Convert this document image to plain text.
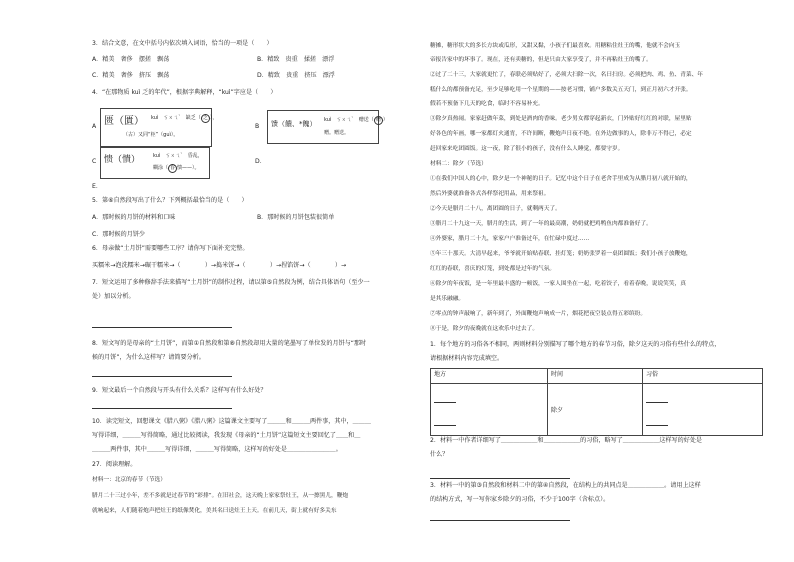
3．结合文意，在文中括号内依次填入词语，恰当的一项是（　　）
A．精美　奢侈　摆搓　飘荡	B．精致　贵重　揉搓　漂浮
C．精美　奢侈　挤压　飘荡	D．精致　贵重　挤压　漂浮
4．“在那物质 kuì 乏的年代”，根据字典解释，“kuì”字应是（　　）
A 匮（匱） kuì　ㄎㄨㄟˋ　缺乏（ 乏 ），
（古）又同“柜”（guì）。
B 馈（饋、*餽） kuì　ㄎㄨㄟˋ　赠送（ 赠 ）
赠。赠送。
C 愦（憒）	kuì　ㄎㄨㄟˋ　昏乱，
糊涂（ 昏 愦——）。
D．
E．
5．第⑥自然段写出了什么？下列概括最恰当的是（　　）
A．那时候的月饼的材料和口味	B．那时候的月饼包装很简单
C．那时候的月饼少
6．母亲做“土月饼”需要哪些工序？请你写下面补充完整。
买糯米→泡洗糯米→碾干糯米→（　　　　）→捣米饼→（　　　　）→捏馅饼→（　　　　）→
7．短文运用了多种修辞手法来描写“土月饼”的制作过程，请以第⑤自然段为例，结合具体语句（至少一
处）加以分析。
8．短文写的是母亲的“土月饼”，而第①自然段和第⑧自然段却用大量的笔墨写了单位发的月饼与“那时
候的月饼”，为什么这样写？请简要分析。
9．短文最后一个自然段与开头有什么关系？这样写有什么好处？
10．读完短文，回想课文《腊八粥》《腊八粥》这篇课文主要写了＿＿＿和＿＿＿两件事，其中，＿＿＿
写得详细，＿＿＿写得简略，通过比较阅读，我发现《母亲的“土月饼”这篇短文主要回忆了＿＿和＿
＿＿＿两件事，其中＿＿＿写得详细，＿＿＿写得简略，这样写的好处是＿＿＿＿＿＿＿＿。
27．阅读理解。
材料一：北京的春节（节选）
腊月二十三过小年，差不多就是过春节的“彩排”。在旧社会，这天晚上家家祭灶王，从一擦黑儿，鞭炮
就响起来，人们随着炮声把灶王的纸像焚化，美其名曰送灶王上天。在前几天，街上就有好多关东
糖摊，糖形状大的多长方块或瓜形，又甜又黏，小孩子们最喜欢。用糖粘住灶王的嘴，他就不会向玉
帝报告家中的坏事了。现在，还有卖糖的，但是只由大家享受了，并不再粘灶王的嘴了。
②过了二十三，大家就更忙了，春联必须贴好了，必须大扫除一次，名曰扫房。必须把肉、鸡、鱼、青菜、年
糕什么的都预备充足，至少足够吃用一个星期的——按老习惯，铺户多数关五天门，到正月初六才开张。
假若不预备下几天的吃食，临时不容易补充。
③除夕真热闹。家家赶做年菜，到处是酒肉的香味。老少男女都穿起新衣，门外贴好红红的对联，屋里贴
好各色的年画，哪一家都灯火通宵，不许间断，鞭炮声日夜不绝。在外边做事的人，除非万不得已，必定
赶回家来吃团圆饭。这一夜，除了很小的孩子，没有什么人睡觉，都要守岁。
材料二：除夕（节选）
①在我们中国人的心中，除夕是一个神秘的日子。记忆中这个日子在老舍手里成为从腊月初八就开始的，
然后外婆就准备各式各样祭祀用品，用来祭祖。
②今天是腊月二十八，离团圆的日子，就剩两天了。
③腊月二十九这一天，腊月的生活，到了一年的最高潮，奶奶就把鸡鸭鱼肉都准备好了。
④外婆家，腊月二十九，家家户户准备过年，在忙碌中度过……
⑤年三十那天。大清早起来，爷爷就开始贴春联、挂灯笼；奶奶张罗着一桌团圆饭；我们小孩子放鞭炮，
红红的春联，喜庆的灯笼，到处都是过年的气氛。
⑥除夕的年夜饭，是一年里最丰盛的一顿饭，一家人围坐在一起，吃着饺子，看着春晚，说说笑笑，真
是其乐融融。
⑦零点的钟声敲响了，新年到了，外面鞭炮声响成一片，烟花把夜空装点得五彩缤纷。
⑧于是，除夕的夜晚就在这欢乐中过去了。
1．每个地方的习俗各不相同，两则材料分别描写了哪个地方的春节习俗，除夕这天的习俗有些什么的特点，
请根据材料内容完成填空。
地方	时间	习俗

	除夕	
2．材料一中作者详细写了＿＿＿＿＿＿和＿＿＿＿＿＿的习俗，略写了＿＿＿＿＿＿这样写的好处是
什么？
3．材料一中的第③自然段和材料二中的第④自然段，在结构上的共同点是＿＿＿＿＿＿。请用上这样
的结构方式，写一写你家乡除夕的习俗，不少于100字（含标点）。
